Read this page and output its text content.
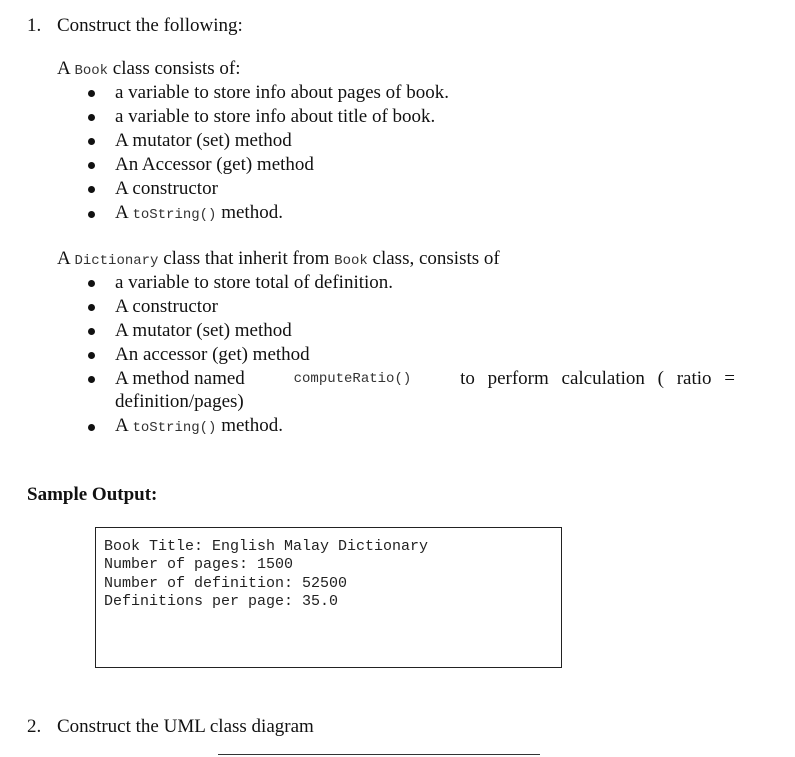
1. Construct the following:
A Book class consists of:
a variable to store info about pages of book.
a variable to store info about title of book.
A mutator (set) method
An Accessor (get) method
A constructor
A toString() method.
A Dictionary class that inherit from Book class, consists of
a variable to store total of definition.
A constructor
A mutator (set) method
An accessor (get) method
A method named	computeRatio()	to perform calculation ( ratio =
definition/pages)
A toString() method.
Sample Output:
Book Title: English Malay Dictionary
Number of pages: 1500
Number of definition: 52500
Definitions per page: 35.0
2. Construct the UML class diagram
